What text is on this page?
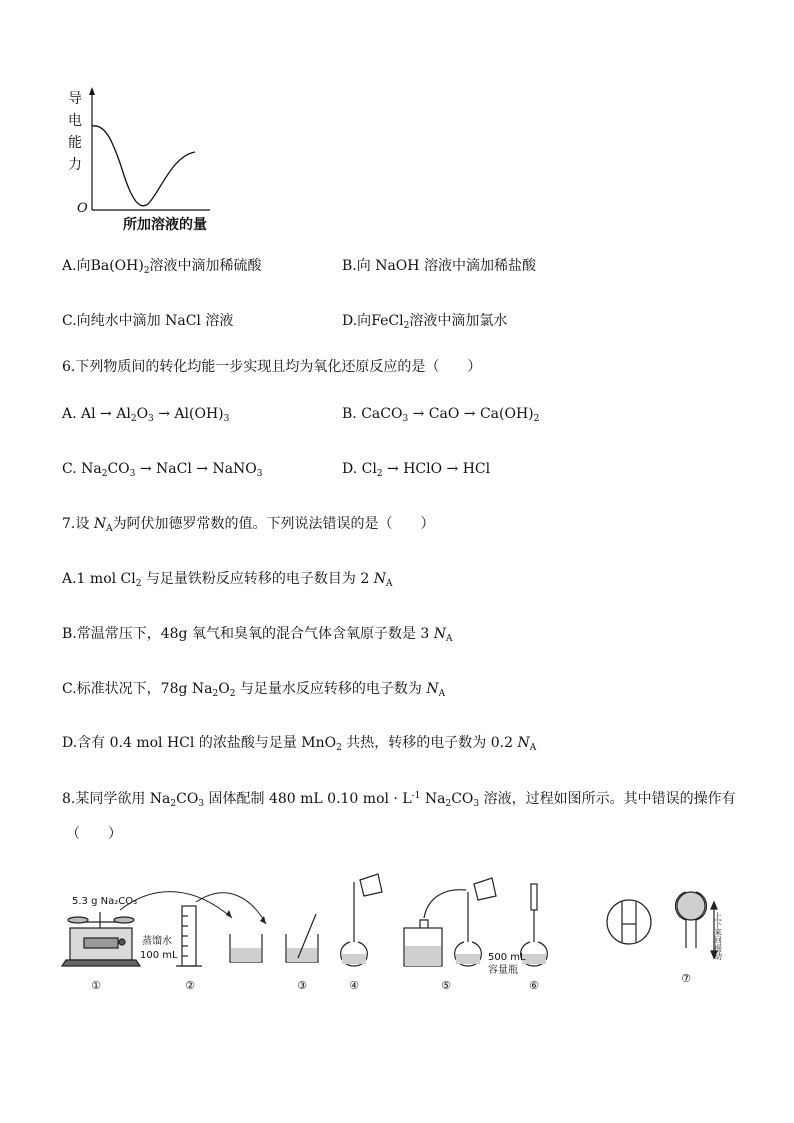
导
电
能
力
O
所加溶液的量
A.向$Ba(OH)_2$溶液中滴加稀硫酸	B.向 NaOH 溶液中滴加稀盐酸
C.向纯水中滴加 NaCl 溶液	D.向FeCl$_2$溶液中滴加氯水
6.下列物质间的转化均能一步实现且均为氧化还原反应的是（　　）
A. $Al \to Al_2O_3 \to Al(OH)_3$	B. CaCO$_3$ → CaO → $Ca(OH)_2$
C. $Na_2CO_3$ → NaCl → NaNO$_3$	D. $Cl_2$ → HClO → HCl
7.设 $N_A$为阿伏加德罗常数的值。下列说法错误的是（　　）
A.1 mol $Cl_2$ 与足量铁粉反应转移的电子数目为 2 $N_A$
B.常温常压下，48g 氧气和臭氧的混合气体含氧原子数是 3 $N_A$
C.标准状况下，78g $Na_2O_2$ 与足量水反应转移的电子数为 $N_A$
D.含有 0.4 mol HCl 的浓盐酸与足量 MnO$_2$ 共热，转移的电子数为 0.2 $N_A$
8.某同学欲用 $Na_2CO_3$ 固体配制 480 mL 0.10 mol · $L^{-1}$ $Na_2CO_3$ 溶液，过程如图所示。其中错误的操作有
（　　）
5.3 g Na₂CO₃
蒸馏水
100 mL	500 mL
容量瓶
上下来回摇动
①	②	③	④	⑤	⑥
⑦
